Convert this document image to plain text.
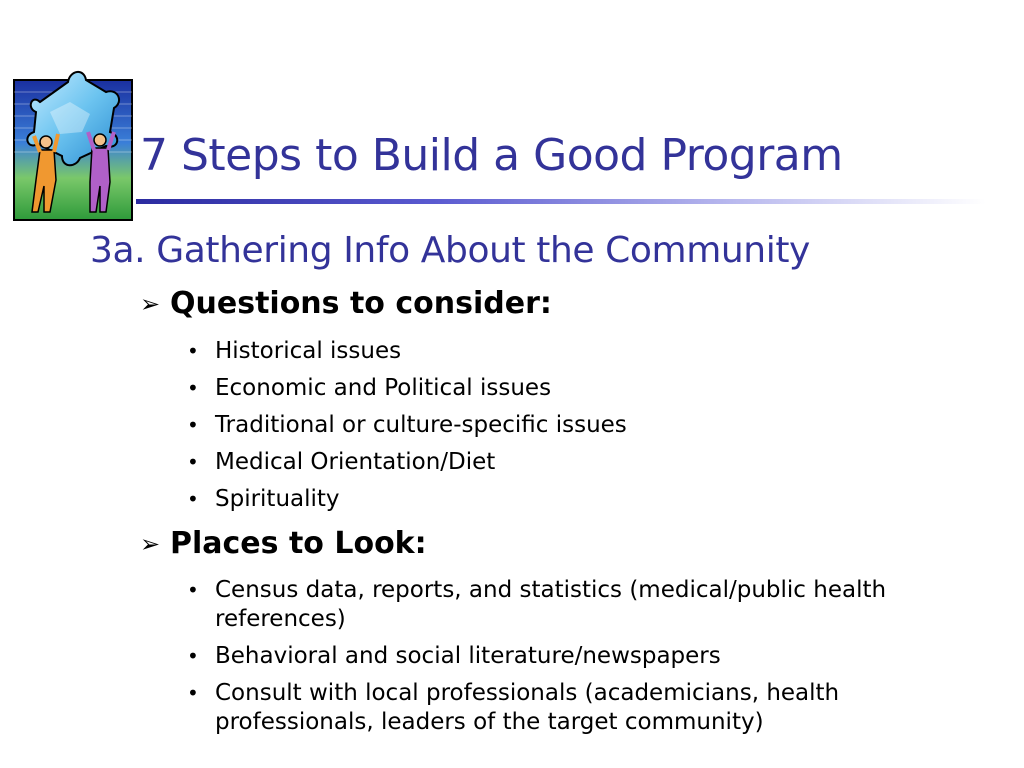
7 Steps to Build a Good Program
3a. Gathering Info About the Community
➢ Questions to consider:
• Historical issues
• Economic and Political issues
• Traditional or culture-specific issues
• Medical Orientation/Diet
• Spirituality
➢ Places to Look:
• Census data, reports, and statistics (medical/public health references)
• Behavioral and social literature/newspapers
• Consult with local professionals (academicians, health professionals, leaders of the target community)
